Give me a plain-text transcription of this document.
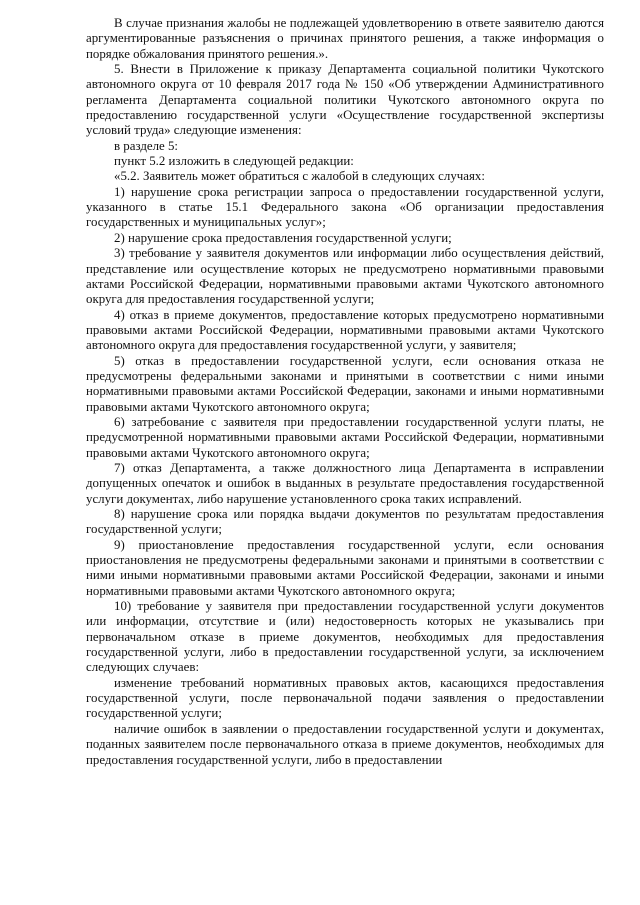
В случае признания жалобы не подлежащей удовлетворению в ответе заявителю даются аргументированные разъяснения о причинах принятого решения, а также информация о порядке обжалования принятого решения.».

5. Внести в Приложение к приказу Департамента социальной политики Чукотского автономного округа от 10 февраля 2017 года № 150 «Об утверждении Административного регламента Департамента социальной политики Чукотского автономного округа по предоставлению государственной услуги «Осуществление государственной экспертизы условий труда» следующие изменения:

в разделе 5:

пункт 5.2 изложить в следующей редакции:

«5.2. Заявитель может обратиться с жалобой в следующих случаях:

1) нарушение срока регистрации запроса о предоставлении государственной услуги, указанного в статье 15.1 Федерального закона «Об организации предоставления государственных и муниципальных услуг»;

2) нарушение срока предоставления государственной услуги;

3) требование у заявителя документов или информации либо осуществления действий, представление или осуществление которых не предусмотрено нормативными правовыми актами Российской Федерации, нормативными правовыми актами Чукотского автономного округа для предоставления государственной услуги;

4) отказ в приеме документов, предоставление которых предусмотрено нормативными правовыми актами Российской Федерации, нормативными правовыми актами Чукотского автономного округа для предоставления государственной услуги, у заявителя;

5) отказ в предоставлении государственной услуги, если основания отказа не предусмотрены федеральными законами и принятыми в соответствии с ними иными нормативными правовыми актами Российской Федерации, законами и иными нормативными правовыми актами Чукотского автономного округа;

6) затребование с заявителя при предоставлении государственной услуги платы, не предусмотренной нормативными правовыми актами Российской Федерации, нормативными правовыми актами Чукотского автономного округа;

7) отказ Департамента, а также должностного лица Департамента в исправлении допущенных опечаток и ошибок в выданных в результате предоставления государственной услуги документах, либо нарушение установленного срока таких исправлений.

8) нарушение срока или порядка выдачи документов по результатам предоставления государственной услуги;

9) приостановление предоставления государственной услуги, если основания приостановления не предусмотрены федеральными законами и принятыми в соответствии с ними иными нормативными правовыми актами Российской Федерации, законами и иными нормативными правовыми актами Чукотского автономного округа;

10) требование у заявителя при предоставлении государственной услуги документов или информации, отсутствие и (или) недостоверность которых не указывались при первоначальном отказе в приеме документов, необходимых для предоставления государственной услуги, либо в предоставлении государственной услуги, за исключением следующих случаев:

изменение требований нормативных правовых актов, касающихся предоставления государственной услуги, после первоначальной подачи заявления о предоставлении государственной услуги;

наличие ошибок в заявлении о предоставлении государственной услуги и документах, поданных заявителем после первоначального отказа в приеме документов, необходимых для предоставления государственной услуги, либо в предоставлении
